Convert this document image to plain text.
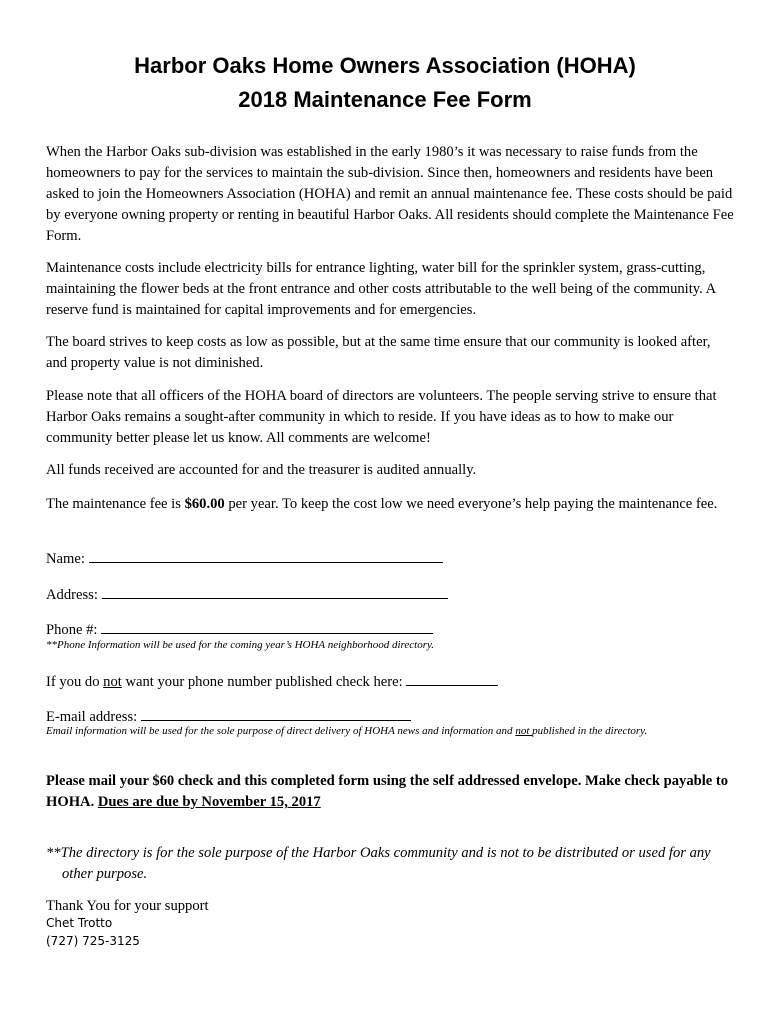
Harbor Oaks Home Owners Association (HOHA)
2018 Maintenance Fee Form

When the Harbor Oaks sub-division was established in the early 1980’s it was necessary to raise funds from the homeowners to pay for the services to maintain the sub-division. Since then, homeowners and residents have been asked to join the Homeowners Association (HOHA) and remit an annual maintenance fee. These costs should be paid by everyone owning property or renting in beautiful Harbor Oaks. All residents should complete the Maintenance Fee Form.

Maintenance costs include electricity bills for entrance lighting, water bill for the sprinkler system, grass-cutting, maintaining the flower beds at the front entrance and other costs attributable to the well being of the community. A reserve fund is maintained for capital improvements and for emergencies.

The board strives to keep costs as low as possible, but at the same time ensure that our community is looked after, and property value is not diminished.

Please note that all officers of the HOHA board of directors are volunteers. The people serving strive to ensure that Harbor Oaks remains a sought-after community in which to reside. If you have ideas as to how to make our community better please let us know. All comments are welcome!

All funds received are accounted for and the treasurer is audited annually.

The maintenance fee is $60.00 per year. To keep the cost low we need everyone’s help paying the maintenance fee.

Name:
Address:
Phone #:

**Phone Information will be used for the coming year’s HOHA neighborhood directory.

If you do not want your phone number published check here:
E-mail address:

Email information will be used for the sole purpose of direct delivery of HOHA news and information and not published in the directory.

Please mail your $60 check and this completed form using the self addressed envelope. Make check payable to HOHA. Dues are due by November 15, 2017

**The directory is for the sole purpose of the Harbor Oaks community and is not to be distributed or used for any other purpose.

Thank You for your support

Chet Trotto

(727) 725-3125
